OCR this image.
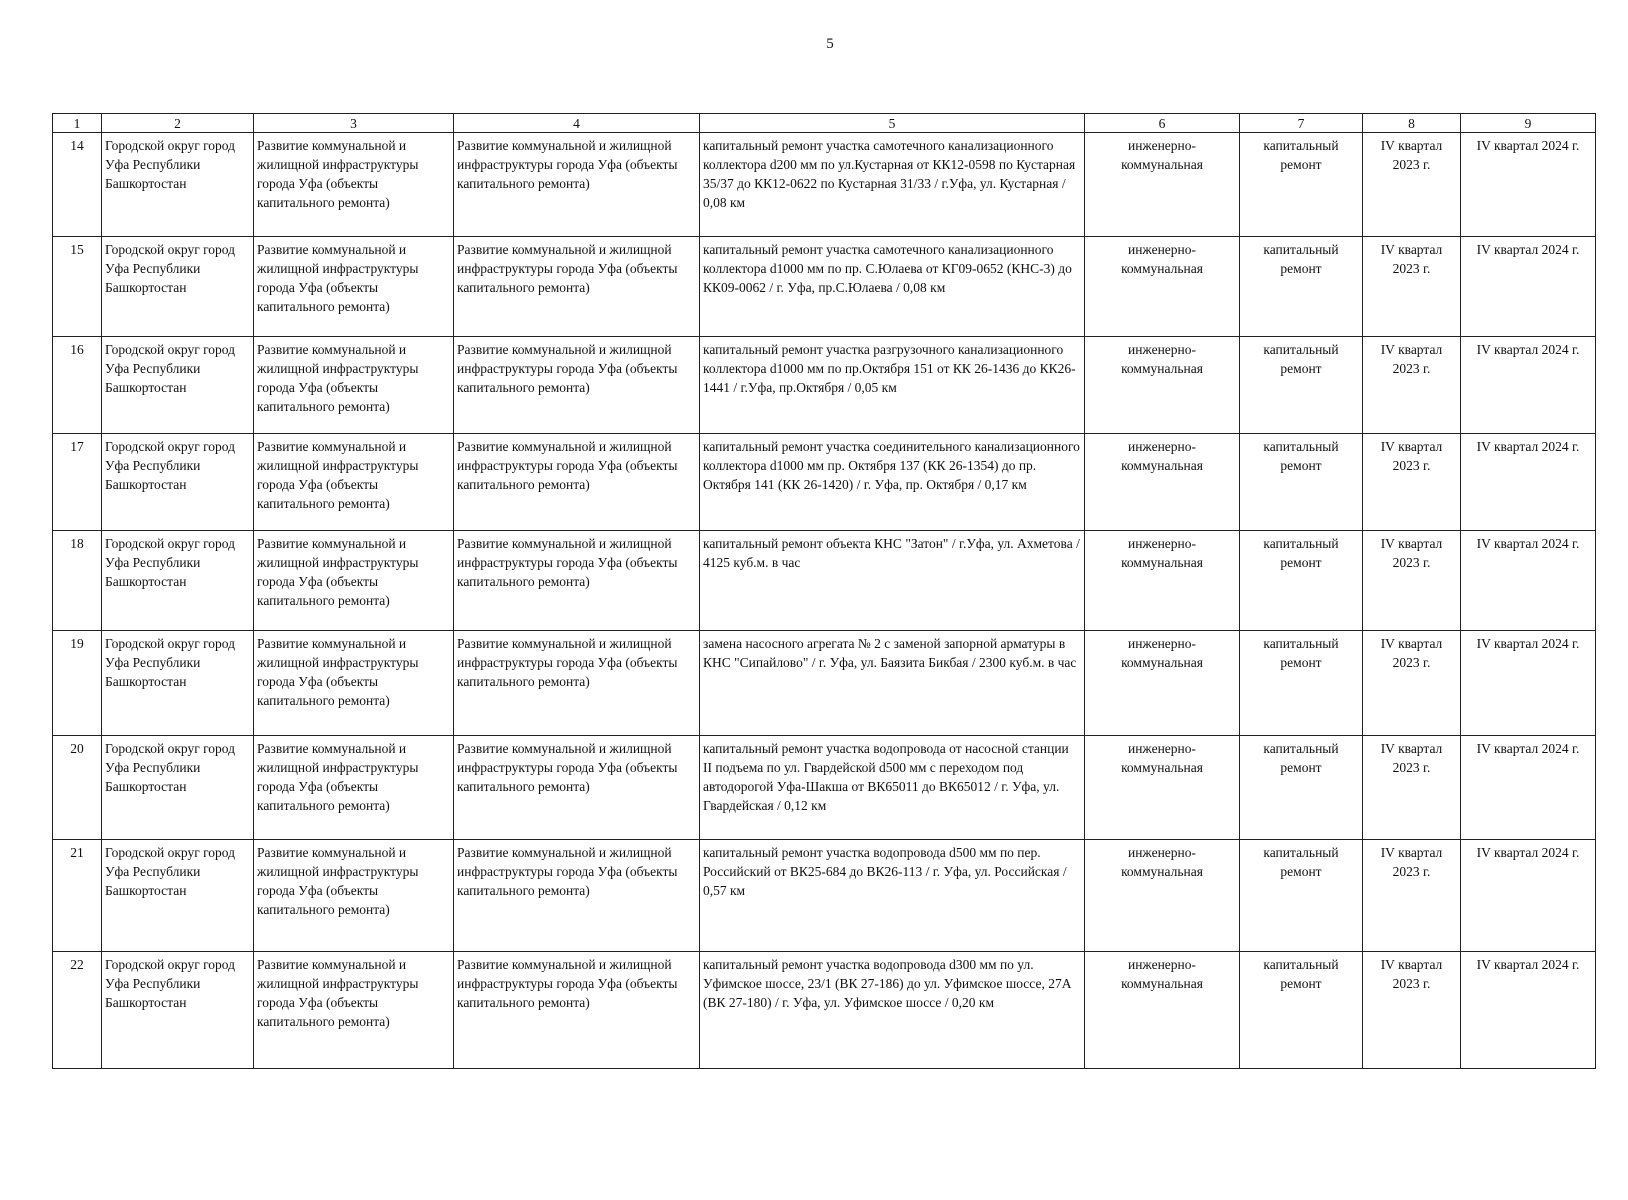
5
1	2	3	4	5	6	7	8	9
14	Городской округ город Уфа Республики Башкортостан	Развитие коммунальной и жилищной инфраструктуры города Уфа (объекты капитального ремонта)	Развитие коммунальной и жилищной инфраструктуры города Уфа (объекты капитального ремонта)	капитальный ремонт участка самотечного канализационного коллектора d200 мм по ул.Кустарная от КК12-0598 по Кустарная 35/37 до КК12-0622 по Кустарная 31/33 / г.Уфа, ул. Кустарная / 0,08 км	инженерно-коммунальная	капитальный ремонт	IV квартал 2023 г.	IV квартал 2024 г.
15	Городской округ город Уфа Республики Башкортостан	Развитие коммунальной и жилищной инфраструктуры города Уфа (объекты капитального ремонта)	Развитие коммунальной и жилищной инфраструктуры города Уфа (объекты капитального ремонта)	капитальный ремонт участка самотечного канализационного коллектора d1000 мм по пр. С.Юлаева от КГ09-0652 (КНС-3) до КК09-0062 / г. Уфа, пр.С.Юлаева / 0,08 км	инженерно-коммунальная	капитальный ремонт	IV квартал 2023 г.	IV квартал 2024 г.
16	Городской округ город Уфа Республики Башкортостан	Развитие коммунальной и жилищной инфраструктуры города Уфа (объекты капитального ремонта)	Развитие коммунальной и жилищной инфраструктуры города Уфа (объекты капитального ремонта)	капитальный ремонт участка разгрузочного канализационного коллектора d1000 мм по пр.Октября 151 от КК 26-1436 до КК26-1441 / г.Уфа, пр.Октября / 0,05 км	инженерно-коммунальная	капитальный ремонт	IV квартал 2023 г.	IV квартал 2024 г.
17	Городской округ город Уфа Республики Башкортостан	Развитие коммунальной и жилищной инфраструктуры города Уфа (объекты капитального ремонта)	Развитие коммунальной и жилищной инфраструктуры города Уфа (объекты капитального ремонта)	капитальный ремонт участка соединительного канализационного коллектора d1000 мм пр. Октября 137 (КК 26-1354) до пр. Октября 141 (КК 26-1420) / г. Уфа, пр. Октября / 0,17 км	инженерно-коммунальная	капитальный ремонт	IV квартал 2023 г.	IV квартал 2024 г.
18	Городской округ город Уфа Республики Башкортостан	Развитие коммунальной и жилищной инфраструктуры города Уфа (объекты капитального ремонта)	Развитие коммунальной и жилищной инфраструктуры города Уфа (объекты капитального ремонта)	капитальный ремонт объекта КНС "Затон" / г.Уфа, ул. Ахметова / 4125 куб.м. в час	инженерно-коммунальная	капитальный ремонт	IV квартал 2023 г.	IV квартал 2024 г.
19	Городской округ город Уфа Республики Башкортостан	Развитие коммунальной и жилищной инфраструктуры города Уфа (объекты капитального ремонта)	Развитие коммунальной и жилищной инфраструктуры города Уфа (объекты капитального ремонта)	замена насосного агрегата № 2 с заменой запорной арматуры в КНС "Сипайлово" / г. Уфа, ул. Баязита Бикбая / 2300 куб.м. в час	инженерно-коммунальная	капитальный ремонт	IV квартал 2023 г.	IV квартал 2024 г.
20	Городской округ город Уфа Республики Башкортостан	Развитие коммунальной и жилищной инфраструктуры города Уфа (объекты капитального ремонта)	Развитие коммунальной и жилищной инфраструктуры города Уфа (объекты капитального ремонта)	капитальный ремонт участка водопровода от насосной станции II подъема по ул. Гвардейской d500 мм с переходом под автодорогой Уфа-Шакша от ВК65011 до ВК65012 / г. Уфа, ул. Гвардейская / 0,12 км	инженерно-коммунальная	капитальный ремонт	IV квартал 2023 г.	IV квартал 2024 г.
21	Городской округ город Уфа Республики Башкортостан	Развитие коммунальной и жилищной инфраструктуры города Уфа (объекты капитального ремонта)	Развитие коммунальной и жилищной инфраструктуры города Уфа (объекты капитального ремонта)	капитальный ремонт участка водопровода d500 мм по пер. Российский от ВК25-684 до ВК26-113 / г. Уфа, ул. Российская / 0,57 км	инженерно-коммунальная	капитальный ремонт	IV квартал 2023 г.	IV квартал 2024 г.
22	Городской округ город Уфа Республики Башкортостан	Развитие коммунальной и жилищной инфраструктуры города Уфа (объекты капитального ремонта)	Развитие коммунальной и жилищной инфраструктуры города Уфа (объекты капитального ремонта)	капитальный ремонт участка водопровода d300 мм по ул. Уфимское шоссе, 23/1 (ВК 27-186) до ул. Уфимское шоссе, 27А (ВК 27-180) / г. Уфа, ул. Уфимское шоссе / 0,20 км	инженерно-коммунальная	капитальный ремонт	IV квартал 2023 г.	IV квартал 2024 г.
